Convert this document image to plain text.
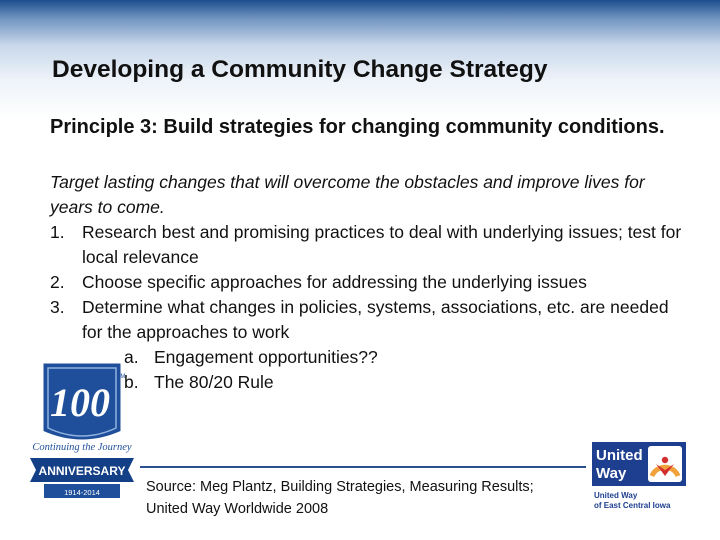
Developing a Community Change Strategy
Principle 3: Build strategies for changing community conditions.
Target lasting changes that will overcome the obstacles and improve lives for years to come.
1. Research best and promising practices to deal with underlying issues; test for local relevance
2. Choose specific approaches for addressing the underlying issues
3. Determine what changes in policies, systems, associations, etc. are needed for the approaches to work
a. Engagement opportunities??
b. The 80/20 Rule
100
TM
Continuing the Journey
ANNIVERSARY
1914-2014	Source: Meg Plantz, Building Strategies, Measuring Results; United Way Worldwide 2008
United
Way
United Way
of East Central Iowa
